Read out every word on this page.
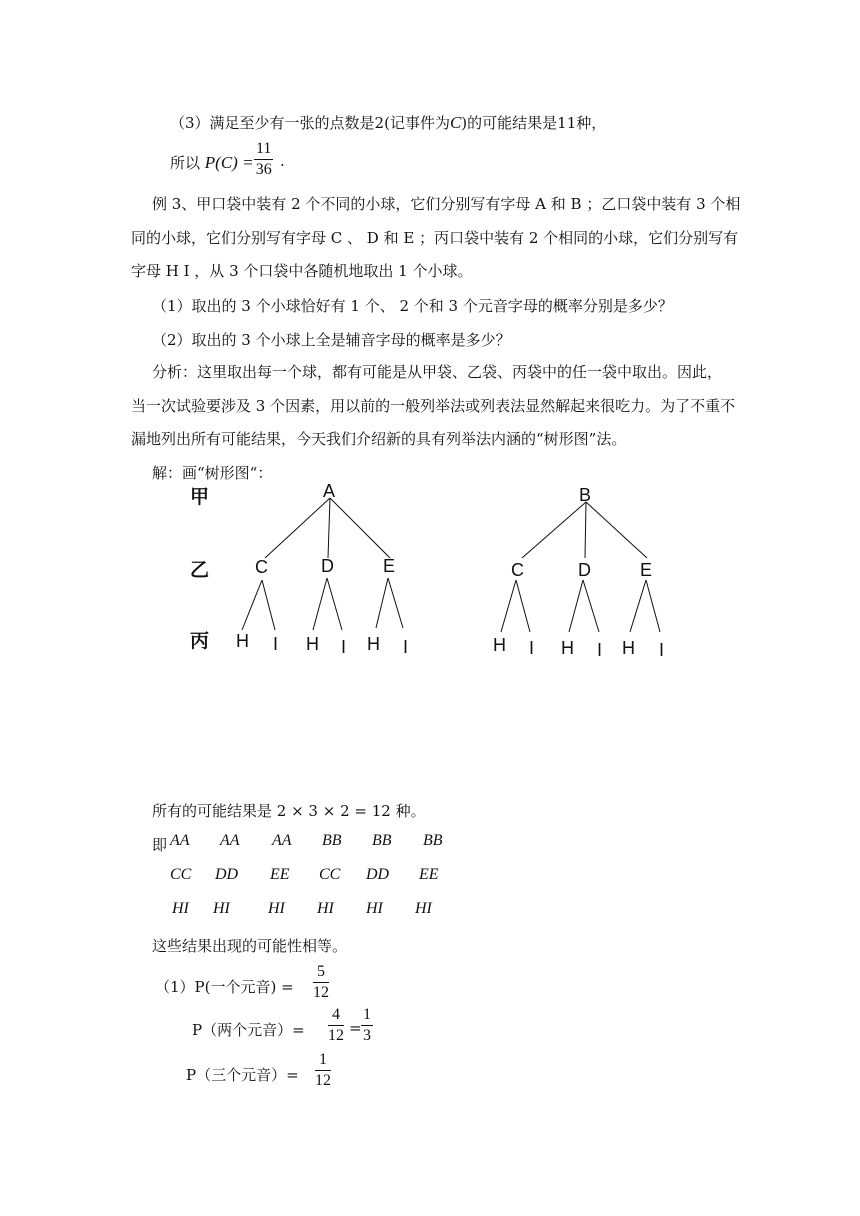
（3）满足至少有一张的点数是2(记事件为C)的可能结果是11种，
所以 $P(C) = \frac{11}{36}$ .
例 3、甲口袋中装有 2 个不同的小球，它们分别写有字母 A 和 B ；乙口袋中装有 3 个相
同的小球，它们分别写有字母 C 、 D 和 E ；丙口袋中装有 2 个相同的小球，它们分别写有
字母 H I ，从 3 个口袋中各随机地取出 1 个小球。
（1）取出的 3 个小球恰好有 1 个、 2 个和 3 个元音字母的概率分别是多少？
（2）取出的 3 个小球上全是辅音字母的概率是多少？
分析：这里取出每一个球，都有可能是从甲袋、乙袋、丙袋中的任一袋中取出。因此，
当一次试验要涉及 3 个因素，用以前的一般列举法或列表法显然解起来很吃力。为了不重不
漏地列出所有可能结果，今天我们介绍新的具有列举法内涵的“树形图”法。
解：画“树形图“：
甲
乙
丙
A
C	D	E
H I H I H I
B
C	D	E
H I H I H I
所有的可能结果是 2 × 3 × 2 = 12 种。
即 AA AA AA BB BB BB
CC DD EE CC DD EE
HI HI HI HI HI HI
这些结果出现的可能性相等。
（1）P(一个元音) = $\frac{5}{12}$
P（两个元音）= $\frac{4}{12} = \frac{1}{3}$
P（三个元音）= $\frac{1}{12}$
